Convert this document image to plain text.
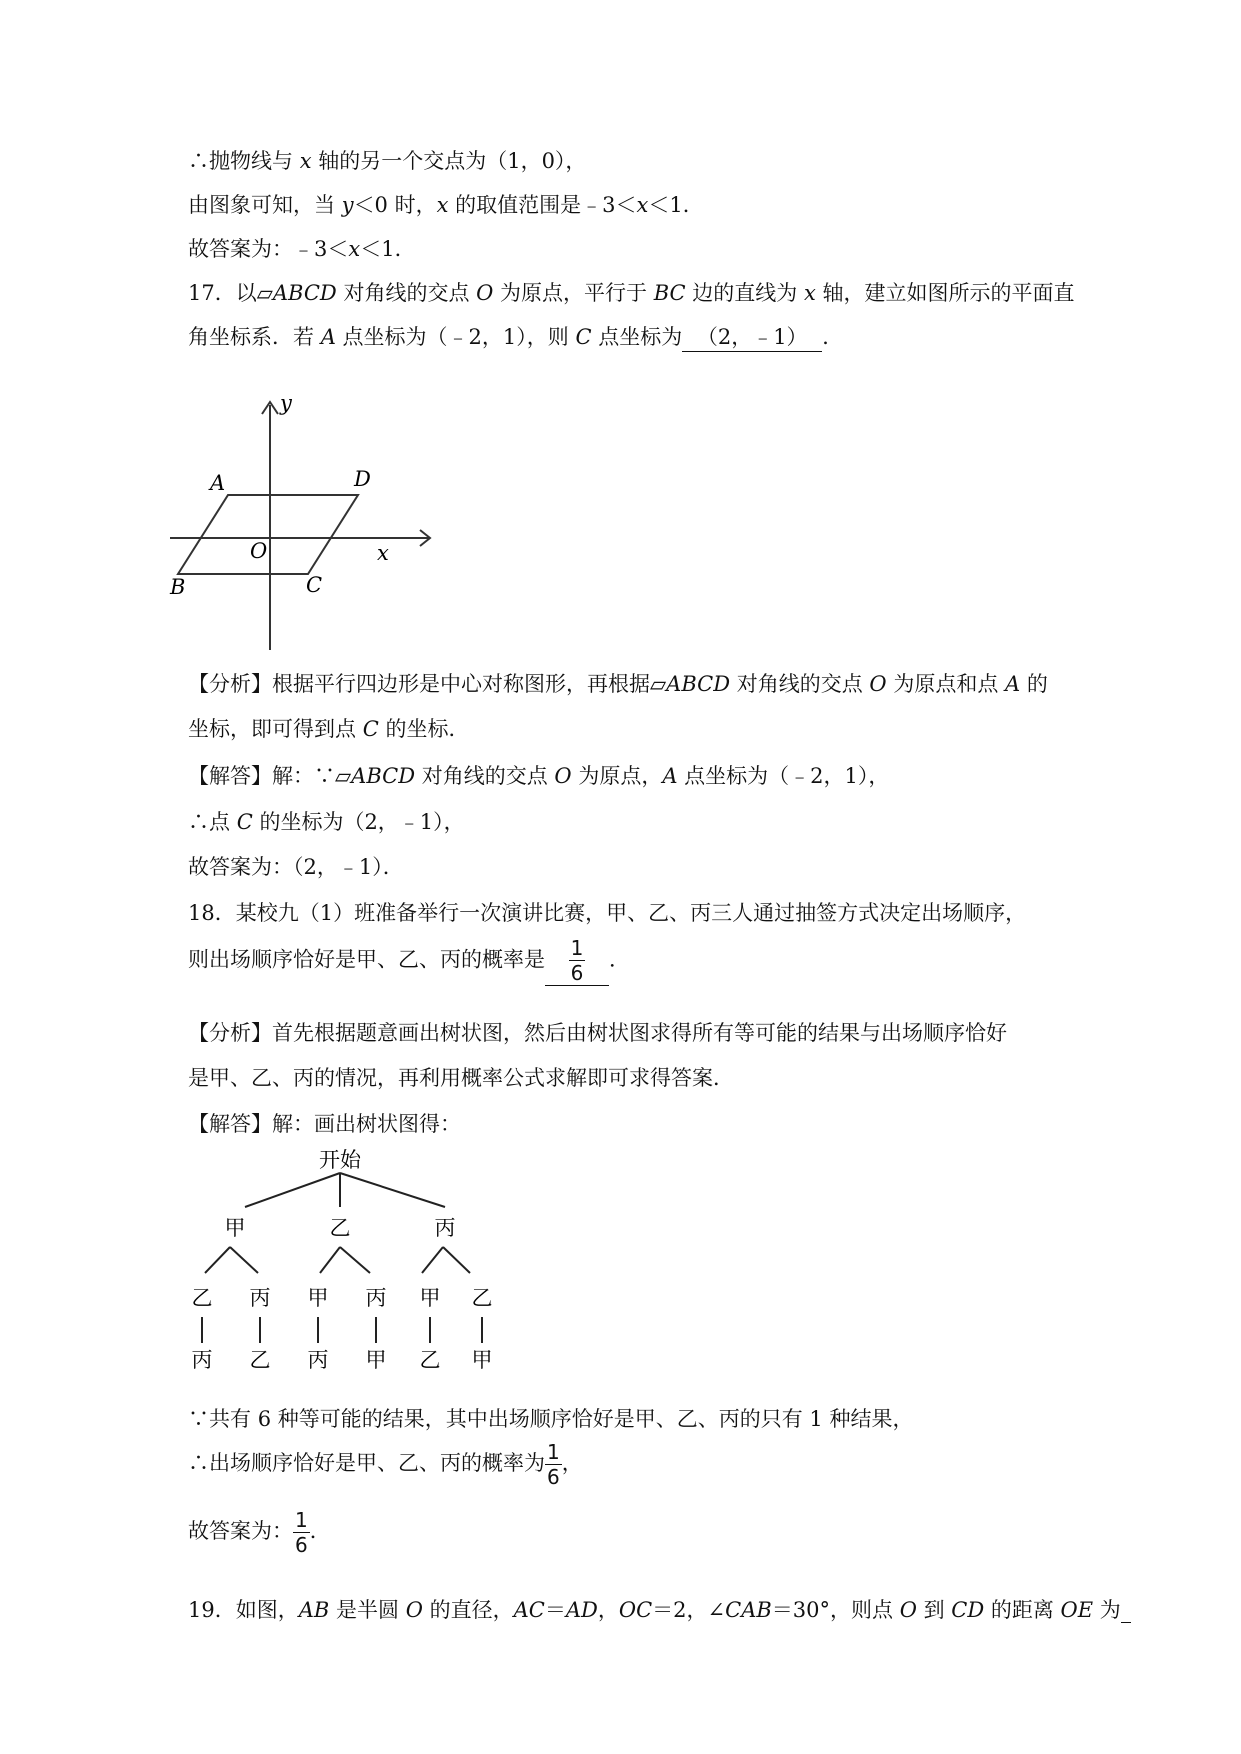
∴抛物线与 x 轴的另一个交点为（1，0），
由图象可知，当 y＜0 时，x 的取值范围是﹣3＜x＜1．
故答案为：﹣3＜x＜1．
17．以▱ABCD 对角线的交点 O 为原点，平行于 BC 边的直线为 x 轴，建立如图所示的平面直
角坐标系．若 A 点坐标为（﹣2，1），则 C 点坐标为 （2，﹣1） ．
y
x
A	D
O
B	C
【分析】根据平行四边形是中心对称图形，再根据▱ABCD 对角线的交点 O 为原点和点 A 的
坐标，即可得到点 C 的坐标．
【解答】解：∵▱ABCD 对角线的交点 O 为原点，A 点坐标为（﹣2，1），
∴点 C 的坐标为（2，﹣1），
故答案为：（2，﹣1）．
18．某校九（1）班准备举行一次演讲比赛，甲、乙、丙三人通过抽签方式决定出场顺序，
则出场顺序恰好是甲、乙、丙的概率是 $\frac{1}{6}$ ．
【分析】首先根据题意画出树状图，然后由树状图求得所有等可能的结果与出场顺序恰好
是甲、乙、丙的情况，再利用概率公式求解即可求得答案．
【解答】解：画出树状图得：
开始
甲	乙	丙
乙 丙 甲 丙 甲 乙
丙 乙 丙 甲 乙 甲
∵共有 6 种等可能的结果，其中出场顺序恰好是甲、乙、丙的只有 1 种结果，
∴出场顺序恰好是甲、乙、丙的概率为 $\frac{1}{6}$ ，
故答案为： $\frac{1}{6}$ ．
19．如图，AB 是半圆 O 的直径，AC＝AD，OC＝2，∠CAB＝30°，则点 O 到 CD 的距离 OE 为
